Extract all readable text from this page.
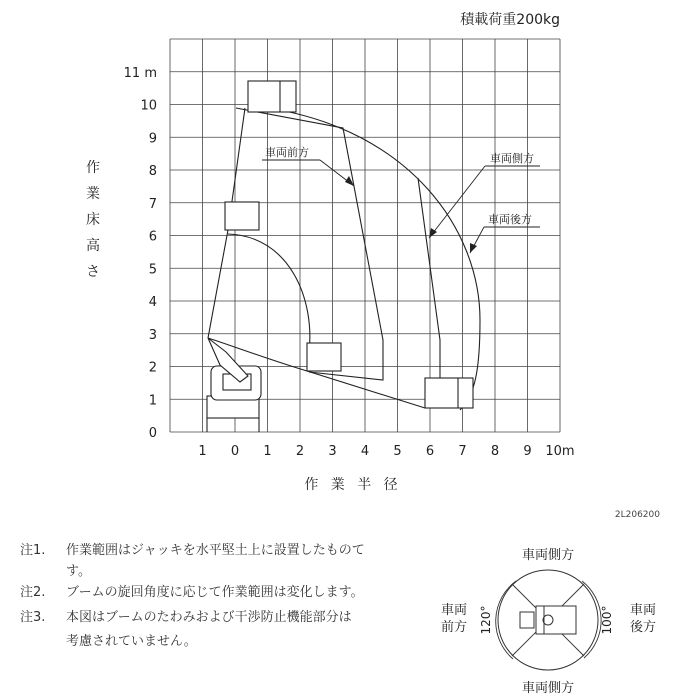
積載荷重200kg
0
1
2
3
4
5
6
7
8
9
10
11 m
1 0 1 2 3 4 5 6 7 8 9 10m
作
業
床
高
さ
作 業 半 径
車両前方	車両側方
車両後方
2L206200
車両側方
車両側方
車両
前方
車両
後方
120°	100°
注1. 作業範囲はジャッキを水平堅土上に設置したものて
す。
注2. ブームの旋回角度に応じて作業範囲は変化します。
注3. 本図はブームのたわみおよび干渉防止機能部分は
考慮されていません。
